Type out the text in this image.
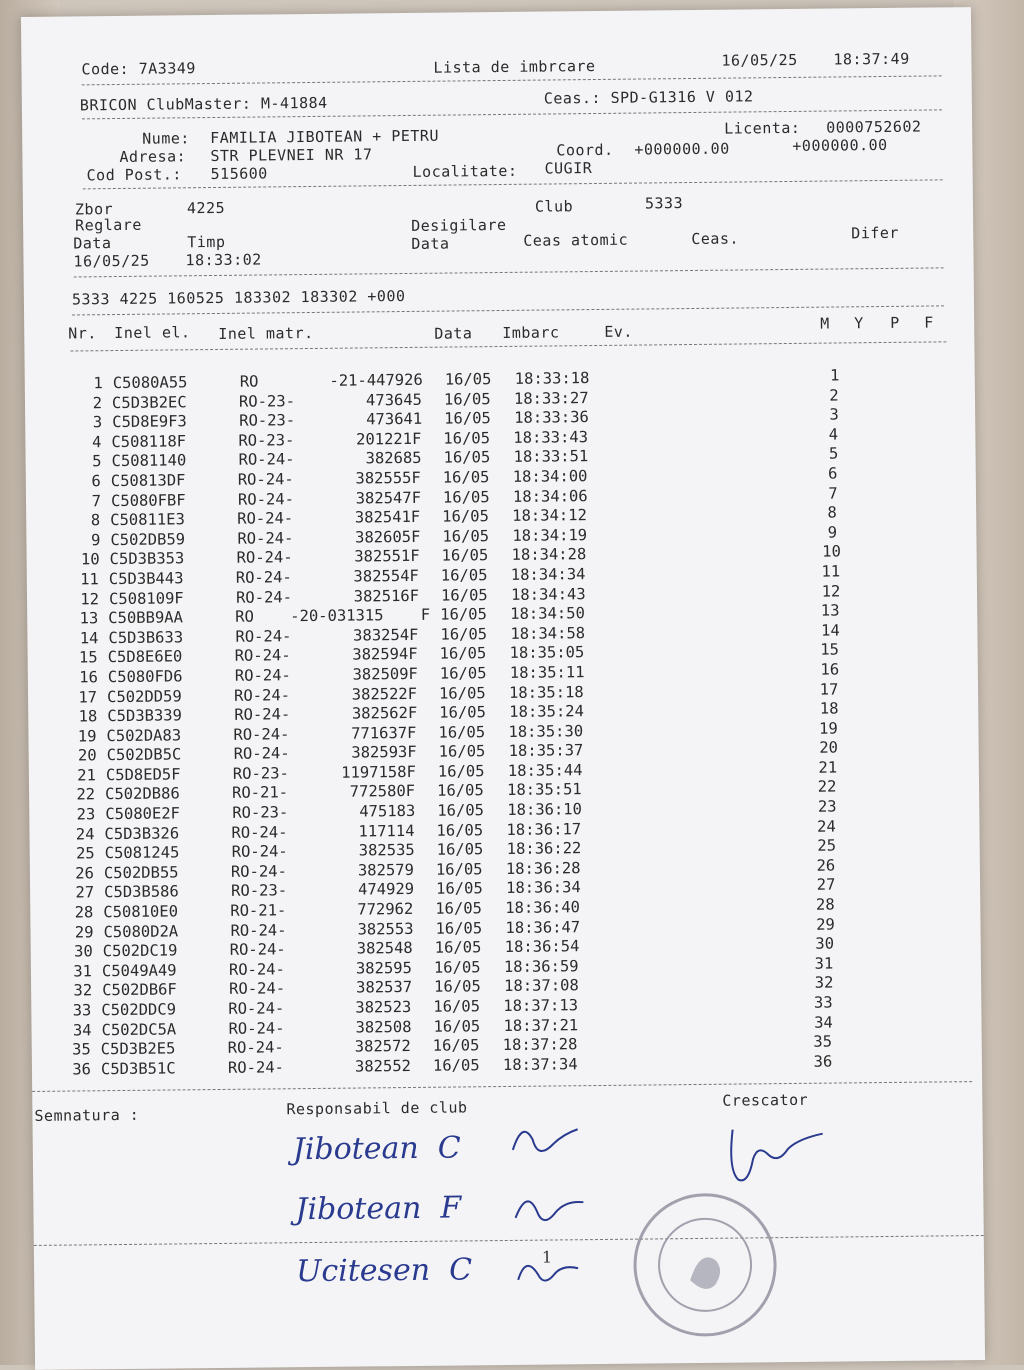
Code: 7A3349	Lista de imbrcare	16/05/25 18:37:49
BRICON ClubMaster: M-41884	Ceas.: SPD-G1316 V 012
Nume: FAMILIA JIBOTEAN + PETRU	Licenta: 0000752602
Adresa: STR PLEVNEI NR 17	Coord. +000000.00	+000000.00
Cod Post.: 515600	Localitate: CUGIR
Zbor	4225	Club	5333
Reglare	Desigilare
Data	Timp	Data	Ceas atomic	Ceas.	Difer
16/05/25 18:33:02
5333 4225 160525 183302 183302 +000
Nr. Inel el. Inel matr.	Data Imbarc	Ev.	M Y P F
1 C5080A55	RO	-21-447926 16/05 18:33:18	1
2 C5D3B2EC	RO-23-	473645 16/05 18:33:27	2
3 C5D8E9F3	RO-23-	473641 16/05 18:33:36	3
4 C508118F	RO-23-	201221F 16/05 18:33:43	4
5 C5081140	RO-24-	382685 16/05 18:33:51	5
6 C50813DF	RO-24-	382555F 16/05 18:34:00	6
7 C5080FBF	RO-24-	382547F 16/05 18:34:06	7
8 C50811E3	RO-24-	382541F 16/05 18:34:12	8
9 C502DB59	RO-24-	382605F 16/05 18:34:19	9
10 C5D3B353	RO-24-	382551F 16/05 18:34:28	10
11 C5D3B443	RO-24-	382554F 16/05 18:34:34	11
12 C508109F	RO-24-	382516F 16/05 18:34:43	12
13 C50BB9AA	RO -20-031315    F 16/05 18:34:50	13
14 C5D3B633	RO-24-	383254F 16/05 18:34:58	14
15 C5D8E6E0	RO-24-	382594F 16/05 18:35:05	15
16 C5080FD6	RO-24-	382509F 16/05 18:35:11	16
17 C502DD59	RO-24-	382522F 16/05 18:35:18	17
18 C5D3B339	RO-24-	382562F 16/05 18:35:24	18
19 C502DA83	RO-24-	771637F 16/05 18:35:30	19
20 C502DB5C	RO-24-	382593F 16/05 18:35:37	20
21 C5D8ED5F	RO-23-	1197158F 16/05 18:35:44	21
22 C502DB86	RO-21-	772580F 16/05 18:35:51	22
23 C5080E2F	RO-23-	475183 16/05 18:36:10	23
24 C5D3B326	RO-24-	117114 16/05 18:36:17	24
25 C5081245	RO-24-	382535 16/05 18:36:22	25
26 C502DB55	RO-24-	382579 16/05 18:36:28	26
27 C5D3B586	RO-23-	474929 16/05 18:36:34	27
28 C50810E0	RO-21-	772962 16/05 18:36:40	28
29 C5080D2A	RO-24-	382553 16/05 18:36:47	29
30 C502DC19	RO-24-	382548 16/05 18:36:54	30
31 C5049A49	RO-24-	382595 16/05 18:36:59	31
32 C502DB6F	RO-24-	382537 16/05 18:37:08	32
33 C502DDC9	RO-24-	382523 16/05 18:37:13	33
34 C502DC5A	RO-24-	382508 16/05 18:37:21	34
35 C5D3B2E5	RO-24-	382572 16/05 18:37:28	35
36 C5D3B51C	RO-24-	382552 16/05 18:37:34	36
Semnatura :	Responsabil de club	Crescator
Jibotean  C
Jibotean  F
Ucitesen  C	1
